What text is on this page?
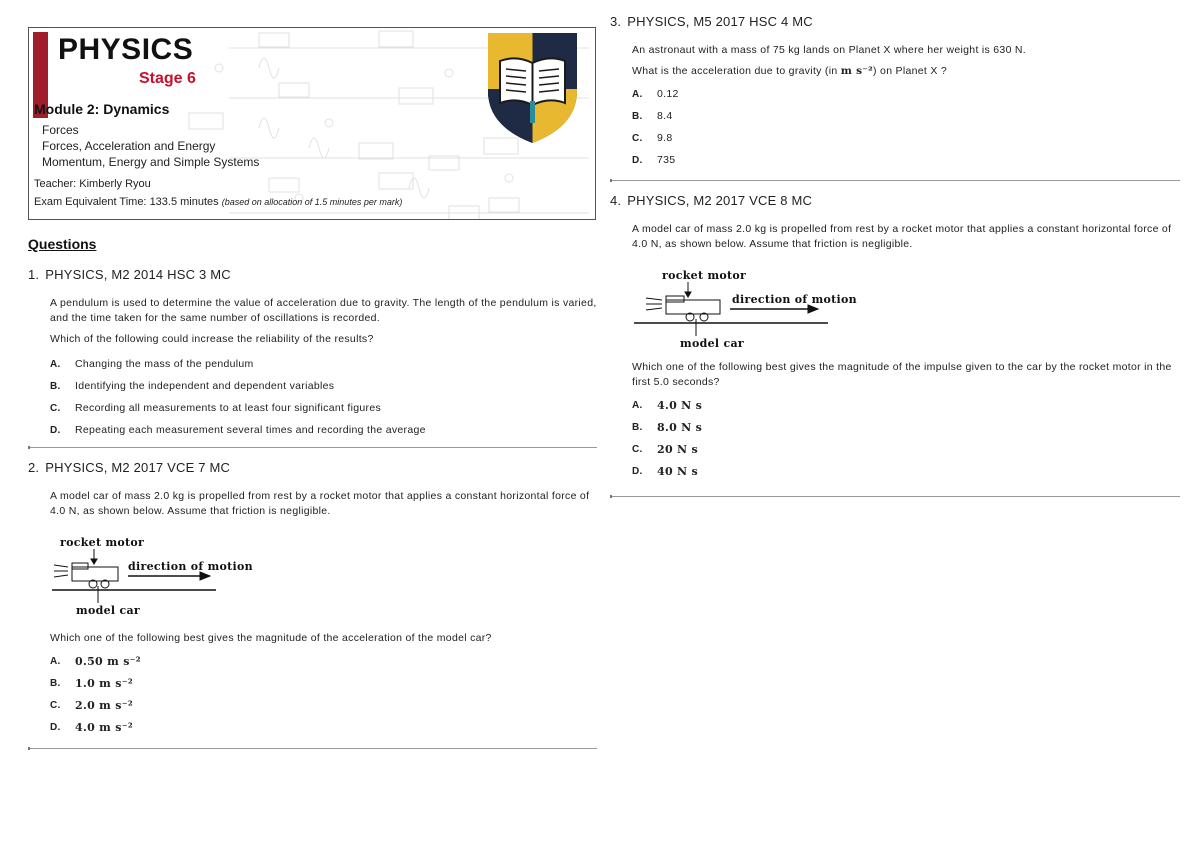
PHYSICS
Stage 6
Module 2: Dynamics
Forces
Forces, Acceleration and Energy
Momentum, Energy and Simple Systems
Teacher: Kimberly Ryou
Exam Equivalent Time: 133.5 minutes (based on allocation of 1.5 minutes per mark)
Questions
1. PHYSICS, M2 2014 HSC 3 MC

A pendulum is used to determine the value of acceleration due to gravity. The length of the pendulum is varied, and the time taken for the same number of oscillations is recorded.

Which of the following could increase the reliability of the results?

A.	Changing the mass of the pendulum
B.	Identifying the independent and dependent variables
C.	Recording all measurements to at least four significant figures
D.	Repeating each measurement several times and recording the average
2. PHYSICS, M2 2017 VCE 7 MC

A model car of mass 2.0 kg is propelled from rest by a rocket motor that applies a constant horizontal force of 4.0 N, as shown below. Assume that friction is negligible.

rocket motor
direction of motion
model car

Which one of the following best gives the magnitude of the acceleration of the model car?

A.	0.50 m s⁻²
B.	1.0 m s⁻²
C.	2.0 m s⁻²
D.	4.0 m s⁻²
3. PHYSICS, M5 2017 HSC 4 MC

An astronaut with a mass of 75 kg lands on Planet X where her weight is 630 N.

What is the acceleration due to gravity (in m s⁻²) on Planet X ?

A.	0.12
B.	8.4
C.	9.8
D.	735
4. PHYSICS, M2 2017 VCE 8 MC

A model car of mass 2.0 kg is propelled from rest by a rocket motor that applies a constant horizontal force of 4.0 N, as shown below. Assume that friction is negligible.

rocket motor
direction of motion
model car

Which one of the following best gives the magnitude of the impulse given to the car by the rocket motor in the first 5.0 seconds?

A.	4.0 N s
B.	8.0 N s
C.	20 N s
D.	40 N s
